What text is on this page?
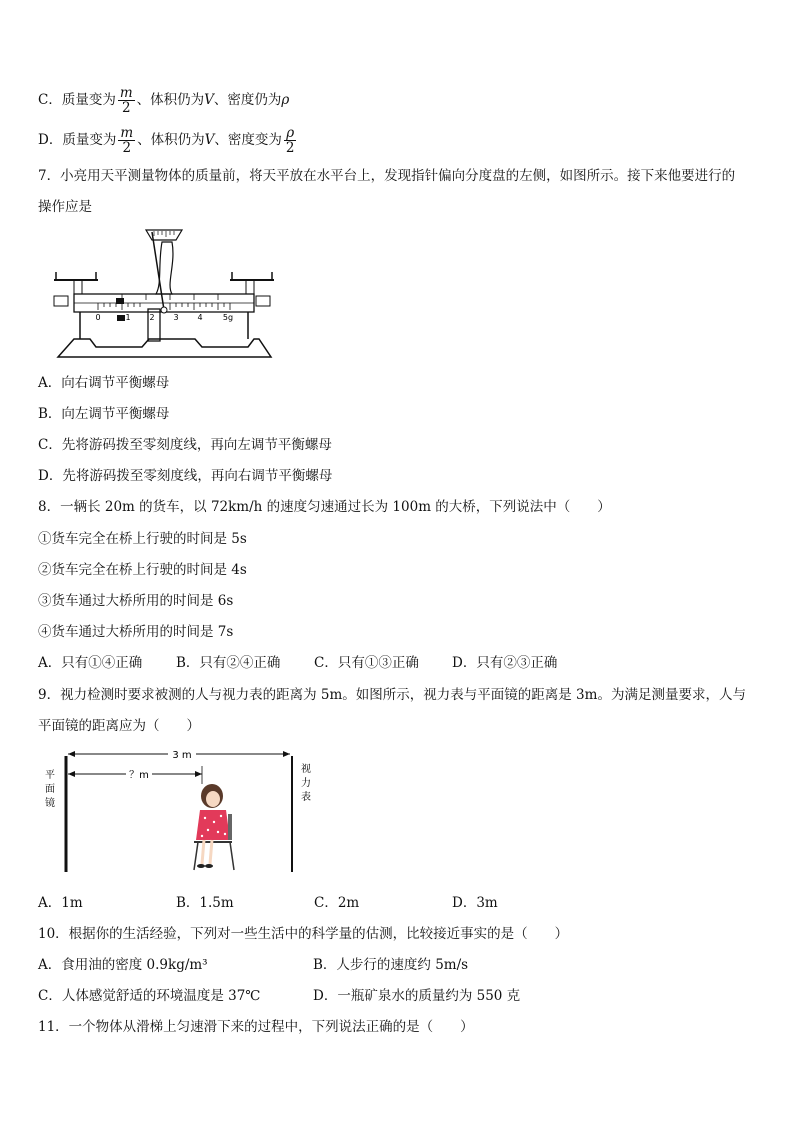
C．质量变为 $\frac{m}{2}$ 、体积仍为V、密度仍为ρ
D．质量变为 $\frac{m}{2}$ 、体积仍为V、密度变为 $\frac{\rho}{2}$
7．小亮用天平测量物体的质量前，将天平放在水平台上，发现指针偏向分度盘的左侧，如图所示。接下来他要进行的
操作应是
0	1 2 3 4	5g
A．向右调节平衡螺母
B．向左调节平衡螺母
C．先将游码拨至零刻度线，再向左调节平衡螺母
D．先将游码拨至零刻度线，再向右调节平衡螺母
8．一辆长 20m 的货车，以 72km/h 的速度匀速通过长为 100m 的大桥，下列说法中（　　）
①货车完全在桥上行驶的时间是 5s
②货车完全在桥上行驶的时间是 4s
③货车通过大桥所用的时间是 6s
④货车通过大桥所用的时间是 7s
A．只有①④正确	B．只有②④正确 C．只有①③正确 D．只有②③正确
9．视力检测时要求被测的人与视力表的距离为 5m。如图所示，视力表与平面镜的距离是 3m。为满足测量要求，人与
平面镜的距离应为（　　）
平
面
镜
视
力
表
3 m
？m
A．1m	B．1.5m	C．2m	D．3m
10．根据你的生活经验，下列对一些生活中的科学量的估测，比较接近事实的是（　　）
A．食用油的密度 0.9kg/m³	B．人步行的速度约 5m/s
C．人体感觉舒适的环境温度是 37℃	D．一瓶矿泉水的质量约为 550 克
11．一个物体从滑梯上匀速滑下来的过程中，下列说法正确的是（　　）
